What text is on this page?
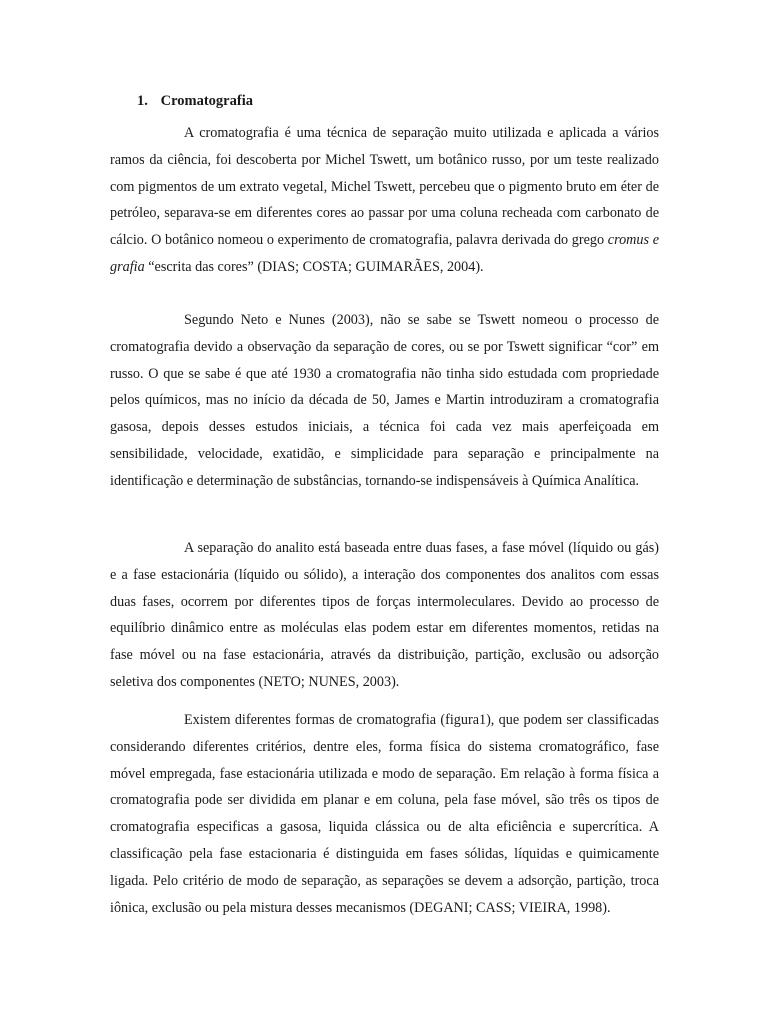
1. Cromatografia

A cromatografia é uma técnica de separação muito utilizada e aplicada a vários ramos da ciência, foi descoberta por Michel Tswett, um botânico russo, por um teste realizado com pigmentos de um extrato vegetal, Michel Tswett, percebeu que o pigmento bruto em éter de petróleo, separava-se em diferentes cores ao passar por uma coluna recheada com carbonato de cálcio. O botânico nomeou o experimento de cromatografia, palavra derivada do grego cromus e grafia “escrita das cores” (DIAS; COSTA; GUIMARÃES, 2004).

Segundo Neto e Nunes (2003), não se sabe se Tswett nomeou o processo de cromatografia devido a observação da separação de cores, ou se por Tswett significar “cor” em russo. O que se sabe é que até 1930 a cromatografia não tinha sido estudada com propriedade pelos químicos, mas no início da década de 50, James e Martin introduziram a cromatografia gasosa, depois desses estudos iniciais, a técnica foi cada vez mais aperfeiçoada em sensibilidade, velocidade, exatidão, e simplicidade para separação e principalmente na identificação e determinação de substâncias, tornando-se indispensáveis à Química Analítica.

A separação do analito está baseada entre duas fases, a fase móvel (líquido ou gás) e a fase estacionária (líquido ou sólido), a interação dos componentes dos analitos com essas duas fases, ocorrem por diferentes tipos de forças intermoleculares. Devido ao processo de equilíbrio dinâmico entre as moléculas elas podem estar em diferentes momentos, retidas na fase móvel ou na fase estacionária, através da distribuição, partição, exclusão ou adsorção seletiva dos componentes (NETO; NUNES, 2003).

Existem diferentes formas de cromatografia (figura1), que podem ser classificadas considerando diferentes critérios, dentre eles, forma física do sistema cromatográfico, fase móvel empregada, fase estacionária utilizada e modo de separação. Em relação à forma física a cromatografia pode ser dividida em planar e em coluna, pela fase móvel, são três os tipos de cromatografia especificas a gasosa, liquida clássica ou de alta eficiência e supercrítica. A classificação pela fase estacionaria é distinguida em fases sólidas, líquidas e quimicamente ligada. Pelo critério de modo de separação, as separações se devem a adsorção, partição, troca iônica, exclusão ou pela mistura desses mecanismos (DEGANI; CASS; VIEIRA, 1998).
